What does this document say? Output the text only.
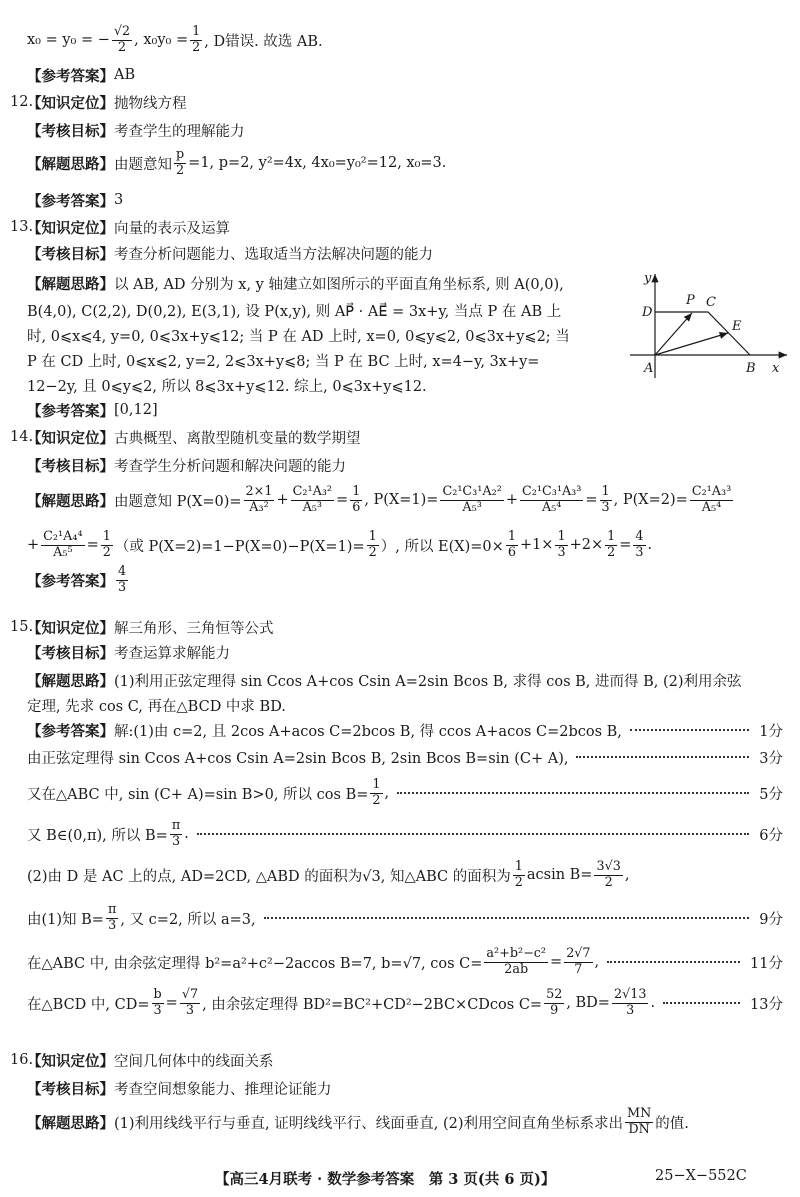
x₀ = y₀ = − $\frac{√2}{2}$ , $x_0y_0 = \frac{1}{2}$ , D错误. 故选 AB.
【参考答案】 AB
12.
【知识定位】 抛物线方程
【考核目标】 考查学生的理解能力
【解题思路】 由题意知 $\frac{p}{2} =1$, p=2, y²=4x, 4x₀=y₀²=12, x₀=3.
【参考答案】 3
13.
【知识定位】 向量的表示及运算
【考核目标】 考查分析问题能力、选取适当方法解决问题的能力
【解题思路】 以 AB, AD 分别为 x, y 轴建立如图所示的平面直角坐标系, 则 A(0,0),
B(4,0), C(2,2), D(0,2), E(3,1), 设 P(x,y), 则 AP⃗ · AE⃗ = 3x+y, 当点 P 在 AB 上
时, 0⩽x⩽4, y=0, 0⩽3x+y⩽12; 当 P 在 AD 上时, x=0, 0⩽y⩽2, 0⩽3x+y⩽2; 当
P 在 CD 上时, 0⩽x⩽2, y=2, 2⩽3x+y⩽8; 当 P 在 BC 上时, x=4−y, 3x+y=
12−2y, 且 0⩽y⩽2, 所以 8⩽3x+y⩽12. 综上, 0⩽3x+y⩽12.
【参考答案】 [0,12]
14.
【知识定位】 古典概型、离散型随机变量的数学期望
【考核目标】 考查学生分析问题和解决问题的能力
【解题思路】 由题意知 $P(X=0)= \frac{2\times 1}{\text{A₃²}} + \frac{\text{C₂¹A₃²}}{\text{A₅³}} = \frac{1}{6}$ , $P(X=1)= \frac{\text{C₂¹C₃¹A₂²}}{\text{A₅³}} + \frac{\text{C₂¹C₃¹A₃³}}{\text{A₅⁴}} = \frac{1}{3}$ , $P(X=2)= \frac{\text{C₂¹A₃³}}{\text{A₅⁴}}$
+ $\frac{\text{C₂¹A₄⁴}}{\text{A₅⁵}} = \frac{1}{2}$ （或 $P(X=2)=1-P(X=0)-P(X=1)= \frac{1}{2}$ ）, 所以 $E(X)=0\times \frac{1}{6} +1\times \frac{1}{3} +2\times \frac{1}{2} = \frac{4}{3}$ .
【参考答案】 $\frac{4}{3}$
15.
【知识定位】 解三角形、三角恒等公式
【考核目标】 考查运算求解能力
【解题思路】 (1)利用正弦定理得 sin Ccos A+cos Csin A=2sin Bcos B, 求得 cos B, 进而得 B, (2)利用余弦
定理, 先求 cos C, 再在△BCD 中求 BD.
【参考答案】 解:(1)由 c=2, 且 2cos A+acos C=2bcos B, 得 ccos A+acos C=2bcos B,	1分
由正弦定理得 sin Ccos A+cos Csin A=2sin Bcos B, 2sin Bcos B=sin (C+ A),	3分
又在△ABC 中, sin (C+ A)=sin B>0, 所以 $\cos B= \frac{1}{2}$ ,	5分
又 B∈(0,π), 所以 $B= \frac{\pi}{3}$ .	6分
(2)由 D 是 AC 上的点, AD=2CD, △ABD 的面积为√3, 知△ABC 的面积为 $\frac{1}{2}$ acsin $B= \frac{3√3}{2}$ ,
由(1)知 $B= \frac{\pi}{3}$ , 又 c=2, 所以 a=3,	9分
在△ABC 中, 由余弦定理得 b²=a²+c²−2accos B=7, b=√7, $\cos C= \frac{\text{a²+b²−c²}}{2ab} = \frac{2√7}{7}$ ,	11分
在△BCD 中, $CD= \frac{b}{3} = \frac{√7}{3}$ , 由余弦定理得 BD²=BC²+CD²−2BC×CDcos $C= \frac{52}{9}$ , $BD= \frac{2√13}{3}$ .	13分
16.
【知识定位】 空间几何体中的线面关系
【考核目标】 考查空间想象能力、推理论证能力
【解题思路】 (1)利用线线平行与垂直, 证明线线平行、线面垂直, (2)利用空间直角坐标系求出 $\frac{MN}{DN}$ 的值.
y
D
P C
E
A	B x
【高三4月联考 · 数学参考答案　第 3 页(共 6 页)】	25−X−552C
